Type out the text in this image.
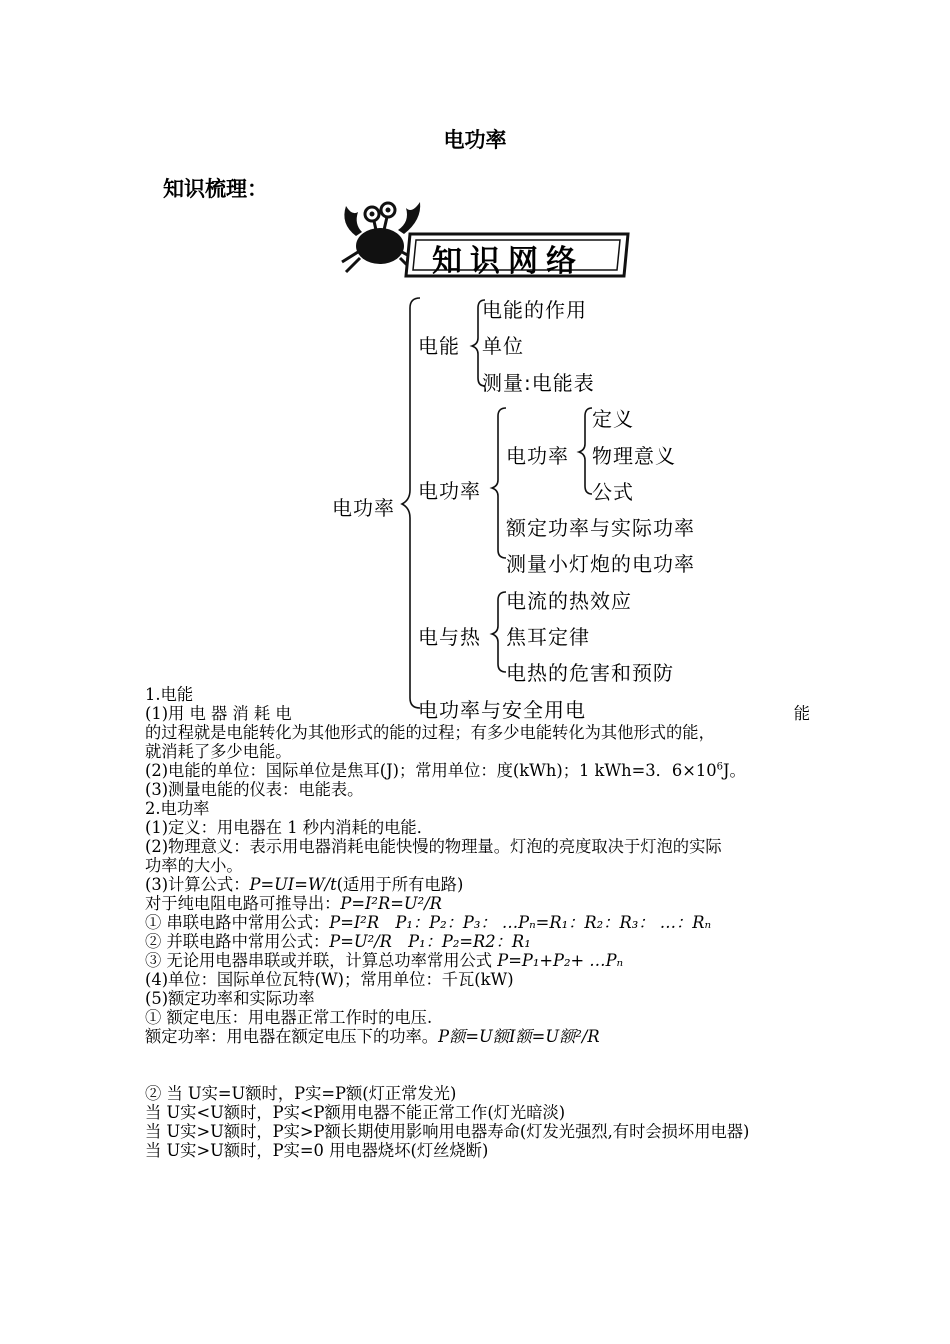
电功率
知识梳理：
知识网络
电功率
电能
电能的作用
单位
测量:电能表
电功率
电功率
定义
物理意义
公式
额定功率与实际功率
测量小灯炮的电功率
电与热
电流的热效应
焦耳定律
电热的危害和预防
电功率与安全用电
1.电能
(1)用 电 器 消 耗 电	能
的过程就是电能转化为其他形式的能的过程；有多少电能转化为其他形式的能，
就消耗了多少电能。
(2)电能的单位：国际单位是焦耳(J)；常用单位：度(kWh)；1 kWh=3．$6\times 10^6J$。
(3)测量电能的仪表：电能表。
2.电功率
(1)定义：用电器在 1 秒内消耗的电能．
(2)物理意义：表示用电器消耗电能快慢的物理量。灯泡的亮度取决于灯泡的实际
功率的大小。
(3)计算公式：P=UI=W/t(适用于所有电路)
对于纯电阻电路可推导出：P=I²R=U²/R
① 串联电路中常用公式：P=I²R　P₁：P₂：P₃： …Pₙ=R₁：R₂：R₃： …：Rₙ
② 并联电路中常用公式：P=U²/R　P₁：P₂=R2：R₁
③ 无论用电器串联或并联，计算总功率常用公式 P=P₁+P₂+ …Pₙ
(4)单位：国际单位瓦特(W)；常用单位：千瓦(kW)
(5)额定功率和实际功率
① 额定电压：用电器正常工作时的电压.
额定功率：用电器在额定电压下的功率。P额=U额I额=U额²/R
② 当 U实=U额时，P实=P额(灯正常发光)
当 U实<U额时，P实<P额用电器不能正常工作(灯光暗淡)
当 U实>U额时，P实>P额长期使用影响用电器寿命(灯发光强烈,有时会损坏用电器)
当 U实>U额时，P实=0 用电器烧坏(灯丝烧断)
